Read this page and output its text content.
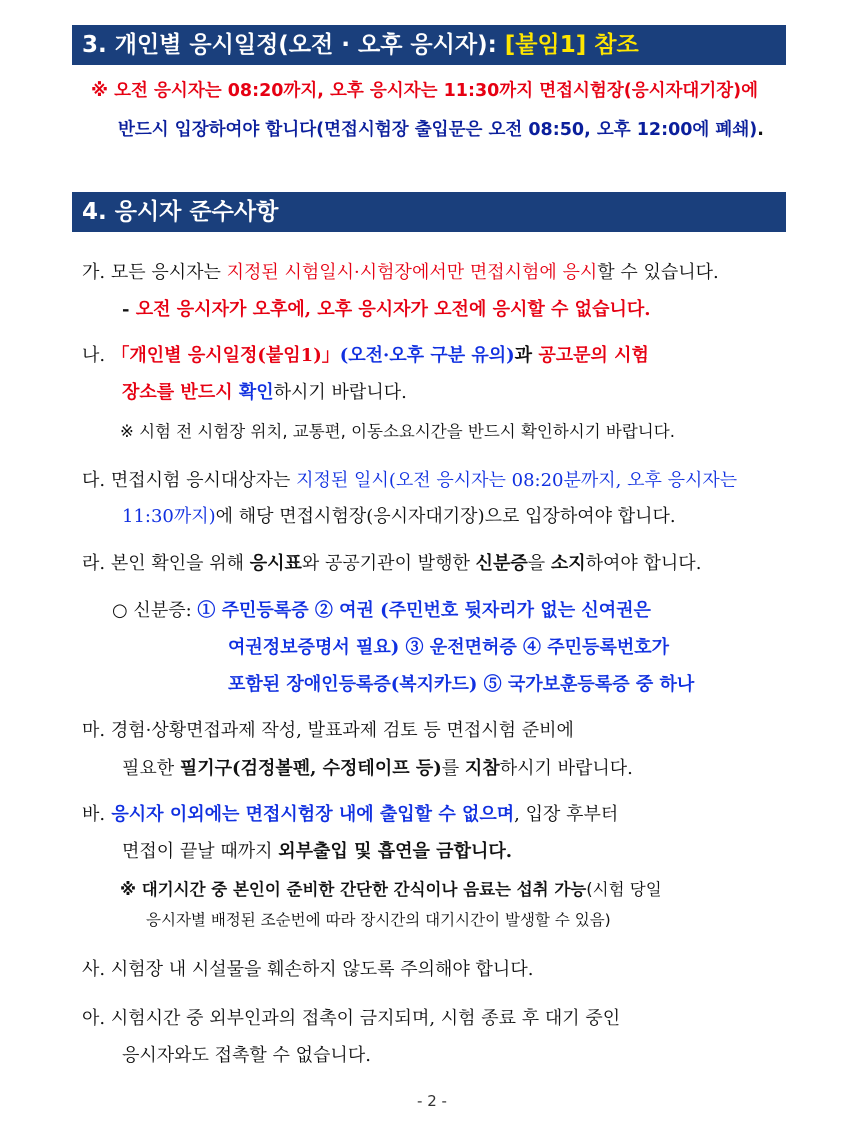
3. 개인별 응시일정(오전 · 오후 응시자): [붙임1] 참조
※ 오전 응시자는 08:20까지, 오후 응시자는 11:30까지 면접시험장(응시자대기장)에
반드시 입장하여야 합니다(면접시험장 출입문은 오전 08:50, 오후 12:00에 폐쇄).
4. 응시자 준수사항
가. 모든 응시자는 지정된 시험일시·시험장에서만 면접시험에 응시할 수 있습니다.
- 오전 응시자가 오후에, 오후 응시자가 오전에 응시할 수 없습니다.
나. 「개인별 응시일정(붙임1)」(오전·오후 구분 유의)과 공고문의 시험
장소를 반드시 확인하시기 바랍니다.
※ 시험 전 시험장 위치, 교통편, 이동소요시간을 반드시 확인하시기 바랍니다.
다. 면접시험 응시대상자는 지정된 일시(오전 응시자는 08:20분까지, 오후 응시자는
11:30까지)에 해당 면접시험장(응시자대기장)으로 입장하여야 합니다.
라. 본인 확인을 위해 응시표와 공공기관이 발행한 신분증을 소지하여야 합니다.
○ 신분증: ① 주민등록증 ② 여권 (주민번호 뒷자리가 없는 신여권은
여권정보증명서 필요) ③ 운전면허증 ④ 주민등록번호가
포함된 장애인등록증(복지카드) ⑤ 국가보훈등록증 중 하나
마. 경험·상황면접과제 작성, 발표과제 검토 등 면접시험 준비에
필요한 필기구(검정볼펜, 수정테이프 등)를 지참하시기 바랍니다.
바. 응시자 이외에는 면접시험장 내에 출입할 수 없으며, 입장 후부터
면접이 끝날 때까지 외부출입 및 흡연을 금합니다.
※ 대기시간 중 본인이 준비한 간단한 간식이나 음료는 섭취 가능(시험 당일
응시자별 배정된 조순번에 따라 장시간의 대기시간이 발생할 수 있음)
사. 시험장 내 시설물을 훼손하지 않도록 주의해야 합니다.
아. 시험시간 중 외부인과의 접촉이 금지되며, 시험 종료 후 대기 중인
응시자와도 접촉할 수 없습니다.
- 2 -
